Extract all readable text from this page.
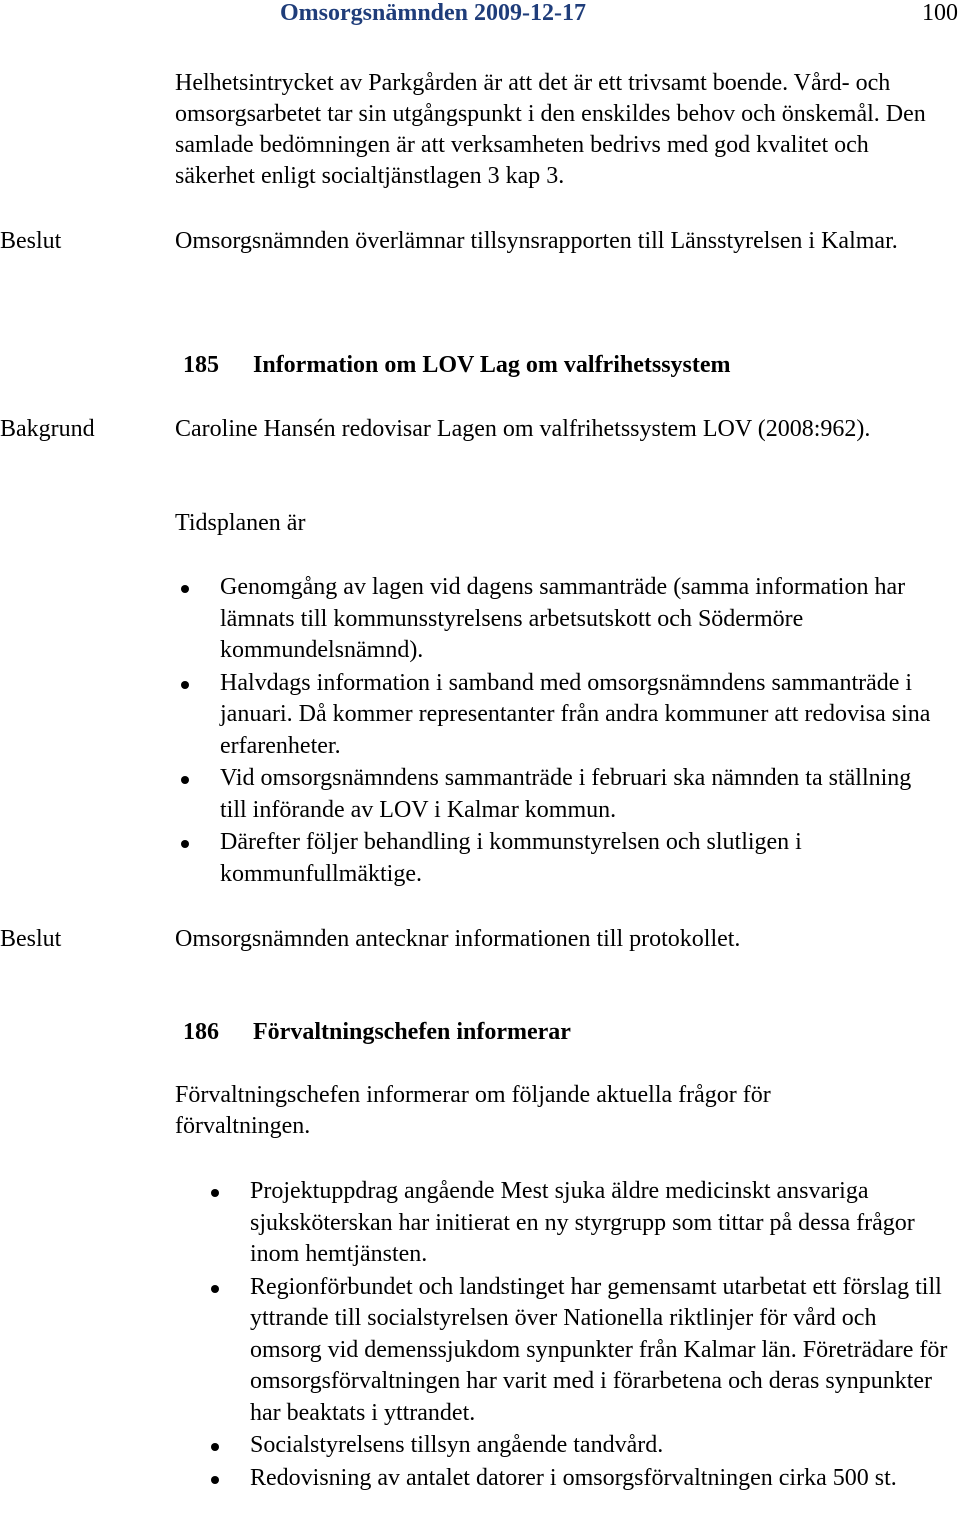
Omsorgsnämnden 2009-12-17	100

Helhetsintrycket av Parkgården är att det är ett trivsamt boende. Vård- och omsorgsarbetet tar sin utgångspunkt i den enskildes behov och önskemål. Den samlade bedömningen är att verksamheten bedrivs med god kvalitet och säkerhet enligt socialtjänstlagen 3 kap 3.

Beslut	Omsorgsnämnden överlämnar tillsynsrapporten till Länsstyrelsen i Kalmar.

185 Information om LOV Lag om valfrihetssystem
Bakgrund	Caroline Hansén redovisar Lagen om valfrihetssystem LOV (2008:962).

Tidsplanen är

Genomgång av lagen vid dagens sammanträde (samma information har lämnats till kommunsstyrelsens arbetsutskott och Södermöre kommundelsnämnd).
Halvdags information i samband med omsorgsnämndens sammanträde i januari. Då kommer representanter från andra kommuner att redovisa sina erfarenheter.
Vid omsorgsnämndens sammanträde i februari ska nämnden ta ställning till införande av LOV i Kalmar kommun.
Därefter följer behandling i kommunstyrelsen och slutligen i kommunfullmäktige.
Beslut	Omsorgsnämnden antecknar informationen till protokollet.

186 Förvaltningschefen informerar

Förvaltningschefen informerar om följande aktuella frågor för förvaltningen.

Projektuppdrag angående Mest sjuka äldre medicinskt ansvariga sjuksköterskan har initierat en ny styrgrupp som tittar på dessa frågor inom hemtjänsten.
Regionförbundet och landstinget har gemensamt utarbetat ett förslag till yttrande till socialstyrelsen över Nationella riktlinjer för vård och omsorg vid demenssjukdom synpunkter från Kalmar län. Företrädare för omsorgsförvaltningen har varit med i förarbetena och deras synpunkter har beaktats i yttrandet.
Socialstyrelsens tillsyn angående tandvård.
Redovisning av antalet datorer i omsorgsförvaltningen cirka 500 st.
